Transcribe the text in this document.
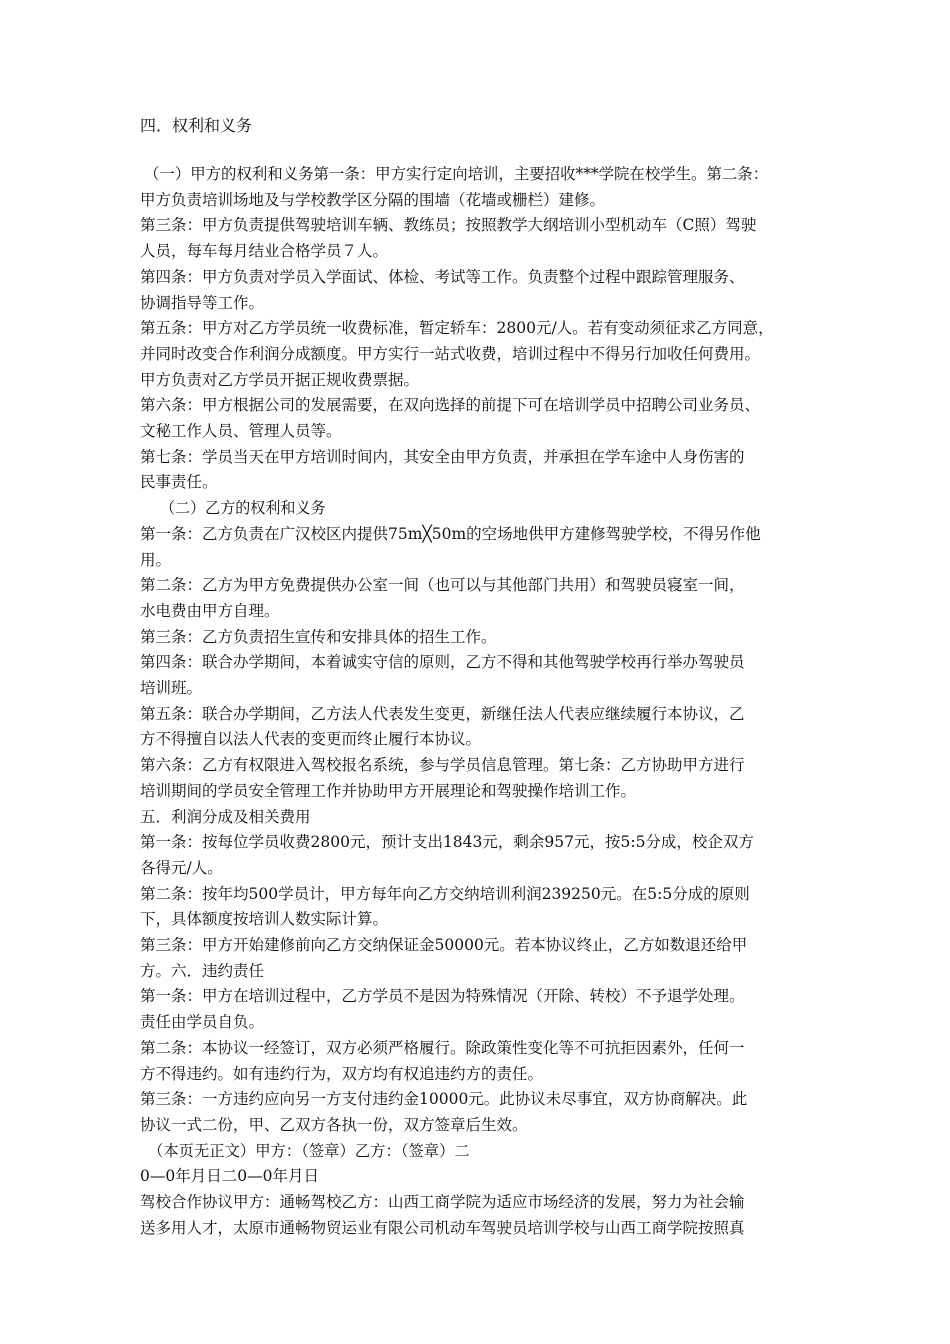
四．权利和义务
（一）甲方的权利和义务第一条：甲方实行定向培训，主要招收***学院在校学生。第二条：
甲方负责培训场地及与学校教学区分隔的围墙（花墙或栅栏）建修。
第三条：甲方负责提供驾驶培训车辆、教练员；按照教学大纲培训小型机动车（C照）驾驶
人员，每车每月结业合格学员７人。
第四条：甲方负责对学员入学面试、体检、考试等工作。负责整个过程中跟踪管理服务、
协调指导等工作。
第五条：甲方对乙方学员统一收费标准，暂定轿车：2800元/人。若有变动须征求乙方同意，
并同时改变合作利润分成额度。甲方实行一站式收费，培训过程中不得另行加收任何费用。
甲方负责对乙方学员开据正规收费票据。
第六条：甲方根据公司的发展需要，在双向选择的前提下可在培训学员中招聘公司业务员、
文秘工作人员、管理人员等。
第七条：学员当天在甲方培训时间内，其安全由甲方负责，并承担在学车途中人身伤害的
民事责任。
（二）乙方的权利和义务
第一条：乙方负责在广汉校区内提供75m╳50m的空场地供甲方建修驾驶学校，不得另作他
用。
第二条：乙方为甲方免费提供办公室一间（也可以与其他部门共用）和驾驶员寝室一间，
水电费由甲方自理。
第三条：乙方负责招生宣传和安排具体的招生工作。
第四条：联合办学期间，本着诚实守信的原则，乙方不得和其他驾驶学校再行举办驾驶员
培训班。
第五条：联合办学期间，乙方法人代表发生变更，新继任法人代表应继续履行本协议，乙
方不得擅自以法人代表的变更而终止履行本协议。
第六条：乙方有权限进入驾校报名系统，参与学员信息管理。第七条：乙方协助甲方进行
培训期间的学员安全管理工作并协助甲方开展理论和驾驶操作培训工作。
五．利润分成及相关费用
第一条：按每位学员收费2800元，预计支出1843元，剩余957元，按5:5分成，校企双方
各得元/人。
第二条：按年均500学员计，甲方每年向乙方交纳培训利润239250元。在5:5分成的原则
下，具体额度按培训人数实际计算。
第三条：甲方开始建修前向乙方交纳保证金50000元。若本协议终止，乙方如数退还给甲
方。六．违约责任
第一条：甲方在培训过程中，乙方学员不是因为特殊情况（开除、转校）不予退学处理。
责任由学员自负。
第二条：本协议一经签订，双方必须严格履行。除政策性变化等不可抗拒因素外，任何一
方不得违约。如有违约行为，双方均有权追违约方的责任。
第三条：一方违约应向另一方支付违约金10000元。此协议未尽事宜，双方协商解决。此
协议一式二份，甲、乙双方各执一份，双方签章后生效。
（本页无正文）甲方：（签章）乙方：（签章）二
0—0年月日二0—0年月日
驾校合作协议甲方：通畅驾校乙方：山西工商学院为适应市场经济的发展，努力为社会输
送多用人才，太原市通畅物贸运业有限公司机动车驾驶员培训学校与山西工商学院按照真
